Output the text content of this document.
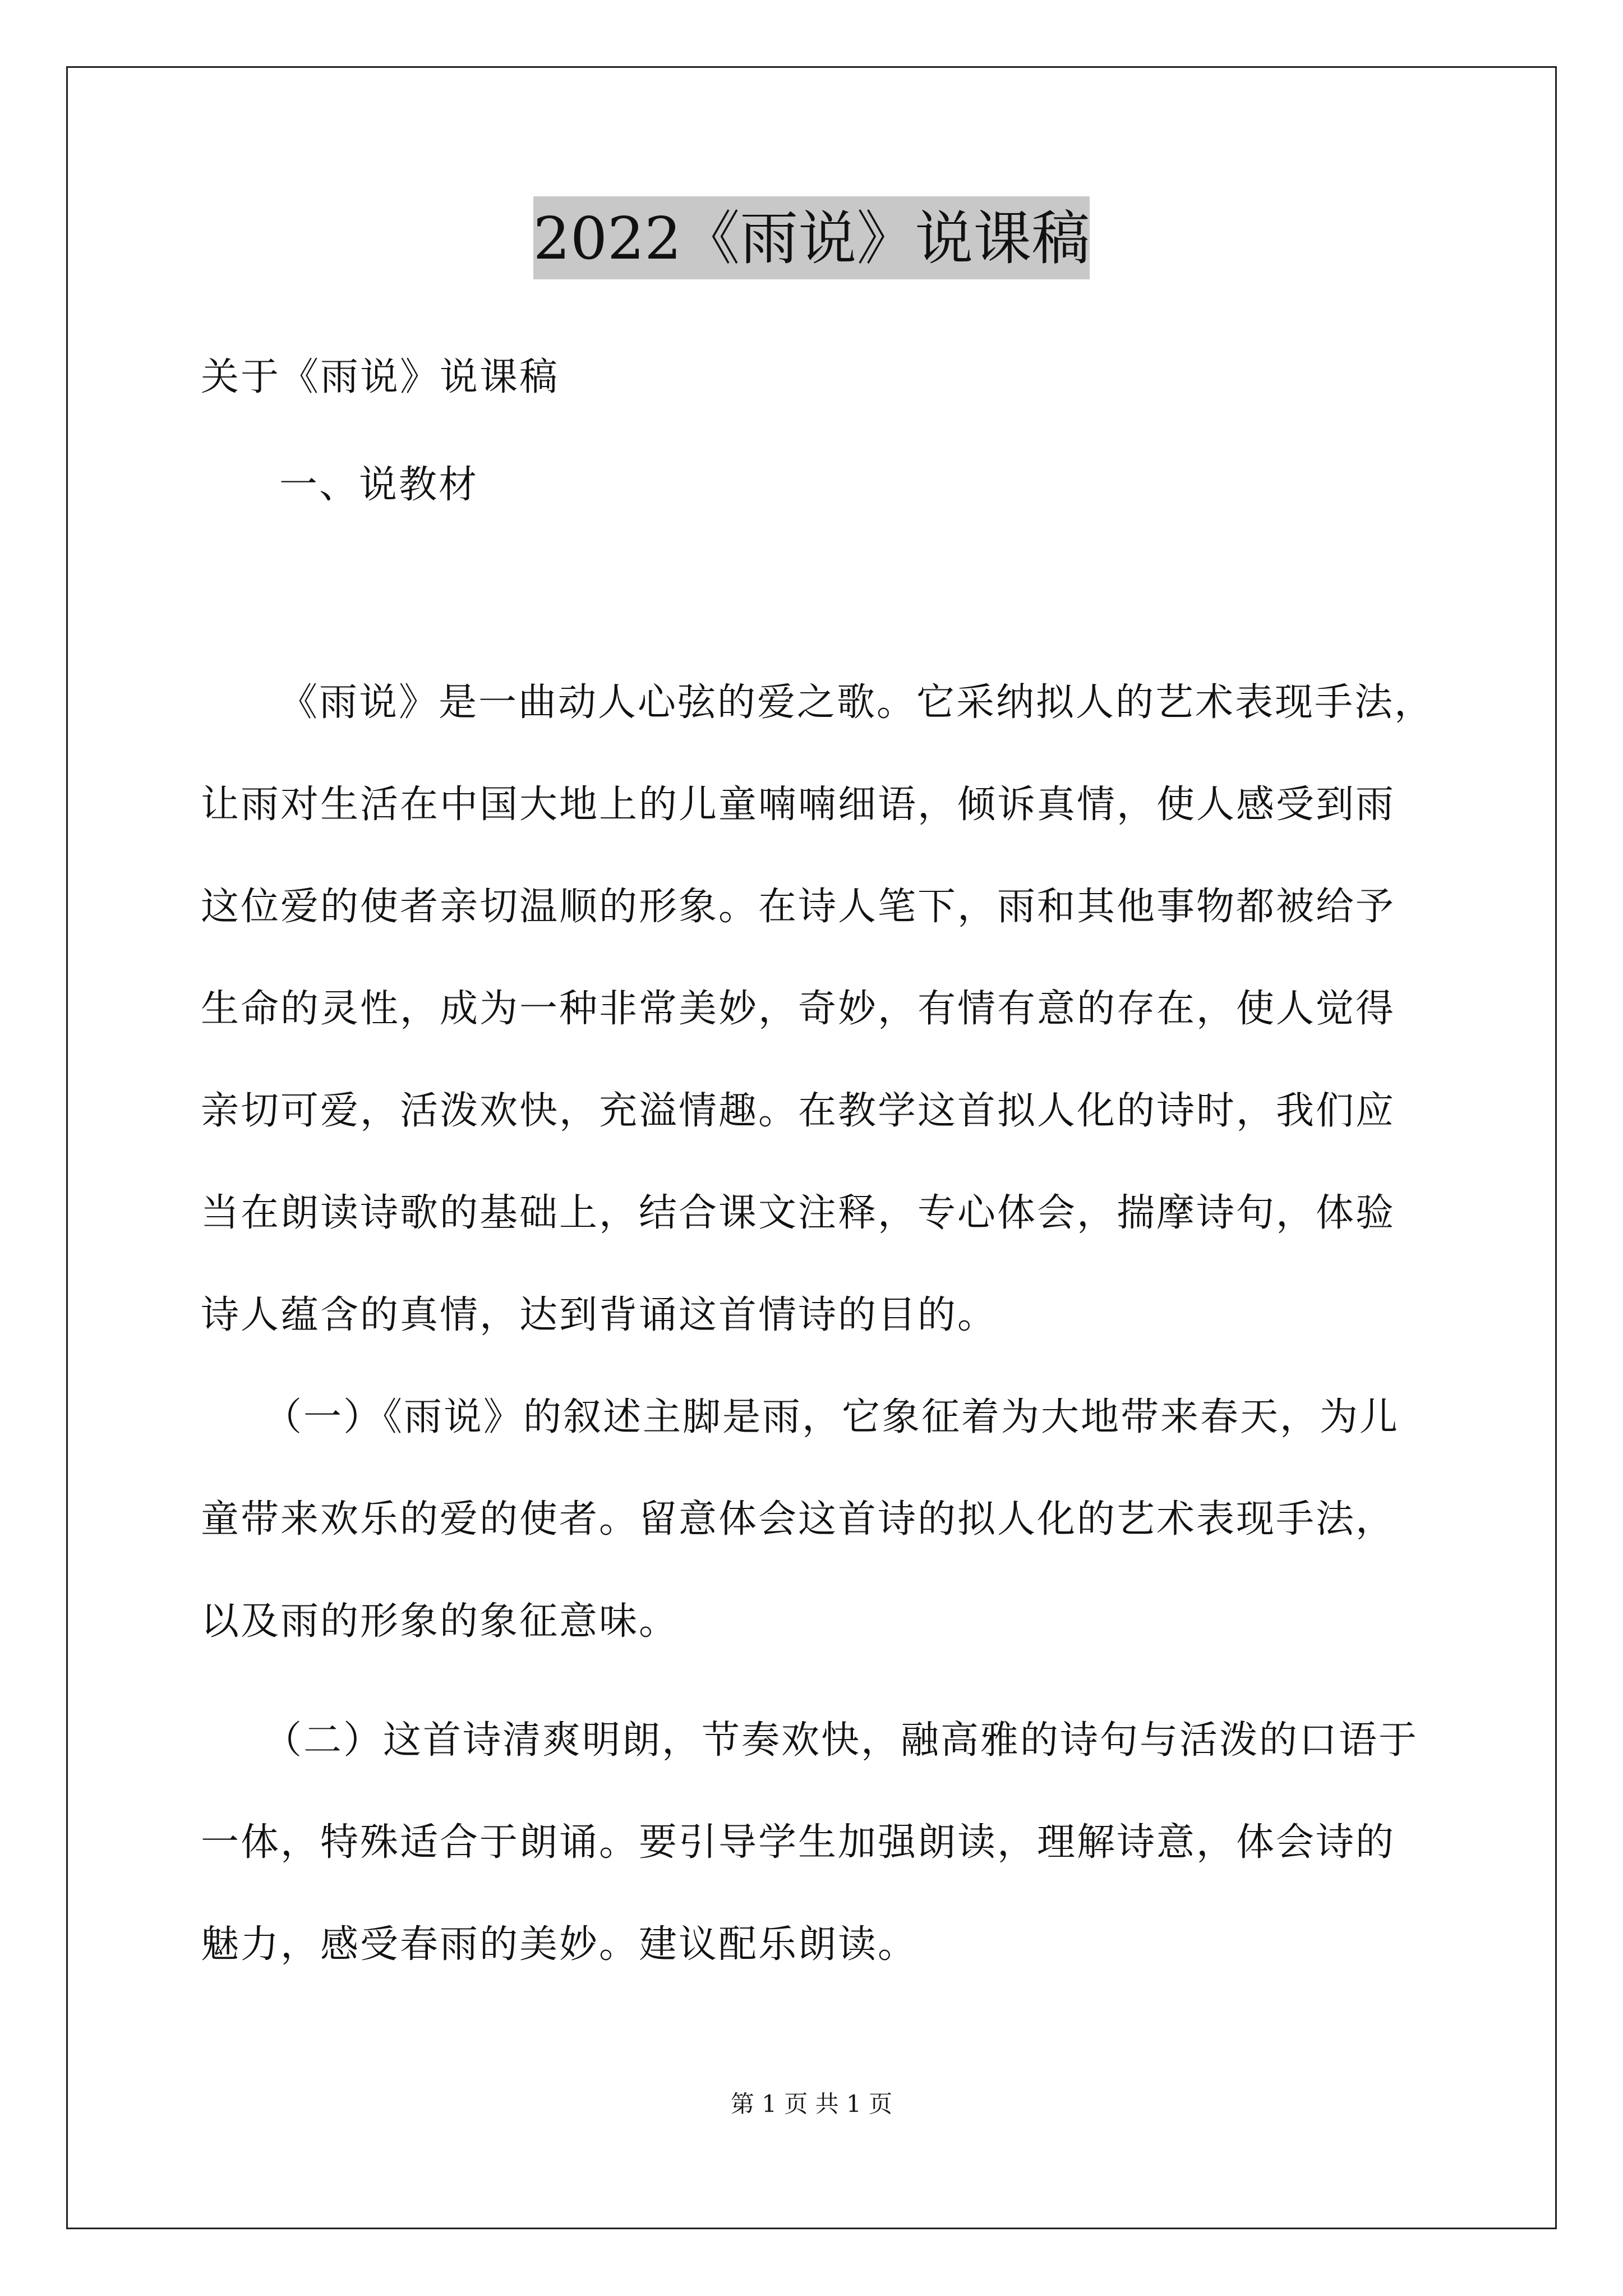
2022《雨说》说课稿
关于《雨说》说课稿
一、说教材
《雨说》是一曲动人心弦的爱之歌。它采纳拟人的艺术表现手法，
让雨对生活在中国大地上的儿童喃喃细语，倾诉真情，使人感受到雨
这位爱的使者亲切温顺的形象。在诗人笔下，雨和其他事物都被给予
生命的灵性，成为一种非常美妙，奇妙，有情有意的存在，使人觉得
亲切可爱，活泼欢快，充溢情趣。在教学这首拟人化的诗时，我们应
当在朗读诗歌的基础上，结合课文注释，专心体会，揣摩诗句，体验
诗人蕴含的真情，达到背诵这首情诗的目的。
（一）《雨说》的叙述主脚是雨，它象征着为大地带来春天，为儿
童带来欢乐的爱的使者。留意体会这首诗的拟人化的艺术表现手法，
以及雨的形象的象征意味。
（二）这首诗清爽明朗，节奏欢快，融高雅的诗句与活泼的口语于
一体，特殊适合于朗诵。要引导学生加强朗读，理解诗意，体会诗的
魅力，感受春雨的美妙。建议配乐朗读。
第 1 页 共 1 页
